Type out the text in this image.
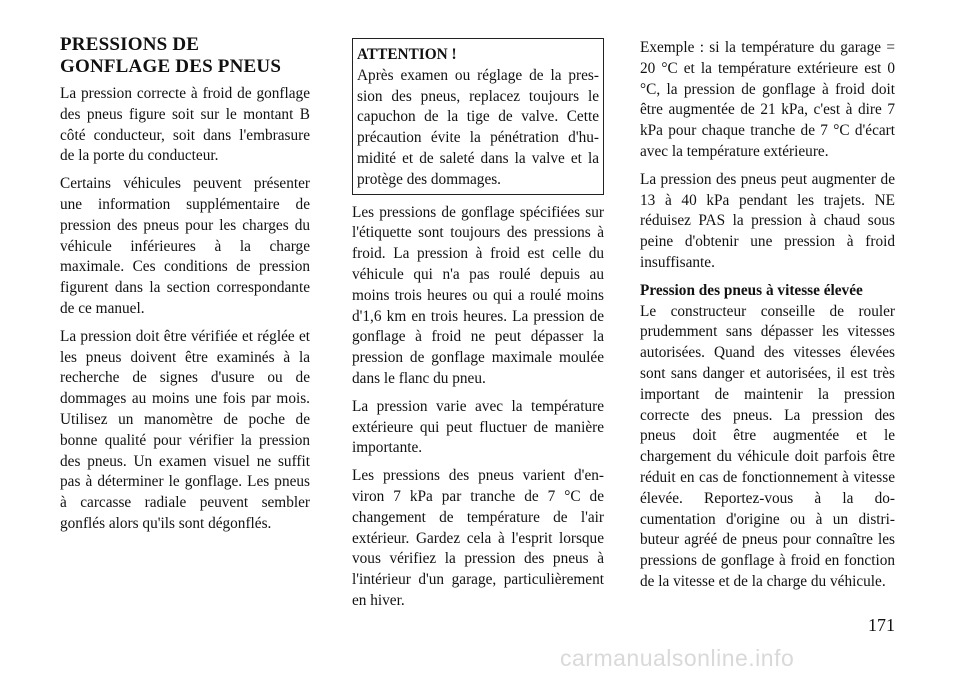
PRESSIONS DE GONFLAGE DES PNEUS

La pression correcte à froid de gonflage des pneus figure soit sur le montant B côté conducteur, soit dans l'embrasure de la porte du conducteur.

Certains véhicules peuvent présenter une information supplémentaire de pression des pneus pour les charges du véhicule inférieures à la charge maximale. Ces conditions de pression figurent dans la section correspondante de ce manuel.

La pression doit être vérifiée et réglée et les pneus doivent être examinés à la recherche de signes d'usure ou de dommages au moins une fois par mois. Utilisez un manomètre de poche de bonne qualité pour vérifier la pression des pneus. Un examen visuel ne suffit pas à déterminer le gonflage. Les pneus à carcasse radiale peuvent sembler gonflés alors qu'ils sont dégonflés.

ATTENTION !
Après examen ou réglage de la pression des pneus, replacez toujours le capuchon de la tige de valve. Cette précaution évite la pénétration d'humidité et de saleté dans la valve et la protège des dommages.

Les pressions de gonflage spécifiées sur l'étiquette sont toujours des pressions à froid. La pression à froid est celle du véhicule qui n'a pas roulé depuis au moins trois heures ou qui a roulé moins d'1,6 km en trois heures. La pression de gonflage à froid ne peut dépasser la pression de gonflage maximale moulée dans le flanc du pneu.

La pression varie avec la température extérieure qui peut fluctuer de manière importante.

Les pressions des pneus varient d'environ 7 kPa par tranche de 7 °C de changement de température de l'air extérieur. Gardez cela à l'esprit lorsque vous vérifiez la pression des pneus à l'intérieur d'un garage, particulièrement en hiver.

Exemple : si la température du garage = 20 °C et la température extérieure est 0 °C, la pression de gonflage à froid doit être augmentée de 21 kPa, c'est à dire 7 kPa pour chaque tranche de 7 °C d'écart avec la température extérieure.

La pression des pneus peut augmenter de 13 à 40 kPa pendant les trajets. NE réduisez PAS la pression à chaud sous peine d'obtenir une pression à froid insuffisante.

Pression des pneus à vitesse élevée

Le constructeur conseille de rouler prudemment sans dépasser les vitesses autorisées. Quand des vitesses élevées sont sans danger et autorisées, il est très important de maintenir la pression correcte des pneus. La pression des pneus doit être augmentée et le chargement du véhicule doit parfois être réduit en cas de fonctionnement à vitesse élevée. Reportez-vous à la documentation d'origine ou à un distributeur agréé de pneus pour connaître les pressions de gonflage à froid en fonction de la vitesse et de la charge du véhicule.

171
carmanualsonline.info
